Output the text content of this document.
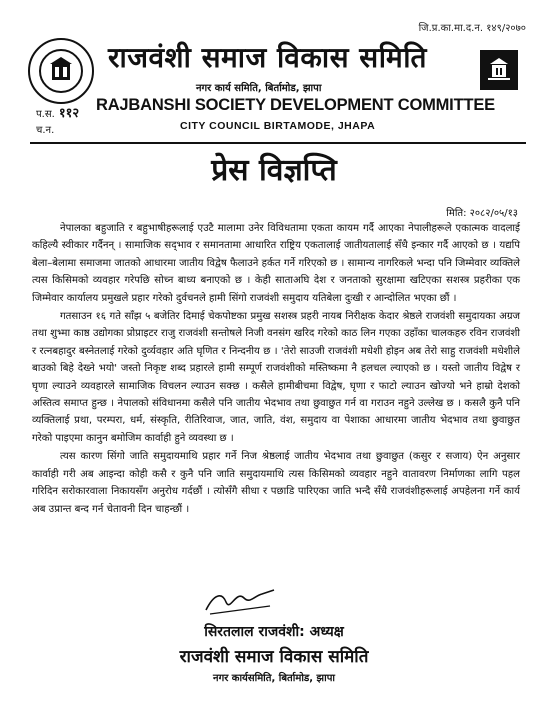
जि.प्र.का.मा.द.न. १४९/२०७०
राजवंशी समाज विकास समिति
नगर कार्य समिति, बिर्तामोड, झापा
RAJBANSHI SOCIETY DEVELOPMENT COMMITTEE
CITY COUNCIL BIRTAMODE, JHAPA
प.स. ११२
च.न.
प्रेस विज्ञप्ति
मिति: २०८२/०५/१३

नेपालका बहुजाति र बहुभाषीहरूलाई एउटै मालामा उनेर विविधतामा एकता कायम गर्दै आएका नेपालीहरूले एकात्मक वादलाई कहिल्यै स्वीकार गर्दैनन् । सामाजिक सद्‍भाव र समानतामा आधारित राष्ट्रिय एकतालाई जातीयतालाई सँधै इन्कार गर्दै आएको छ । यद्यपि बेला–बेलामा समाजमा जातको आधारमा जातीय विद्वेष फैलाउने हर्कत गर्ने गरिएको छ । सामान्य नागरिकले भन्दा पनि जिम्मेवार व्यक्तिले त्यस किसिमको व्यवहार गरेपछि सोच्न बाध्य बनाएको छ । केही साताअघि देश र जनताको सुरक्षामा खटिएका सशस्त्र प्रहरीका एक जिम्मेवार कार्यालय प्रमुखले प्रहार गरेको दुर्वचनले हामी सिंगो राजवंशी समुदाय यतिबेला दुःखी र आन्दोलित भएका छौं ।

गतसाउन १६ गते साँझ ५ बजेतिर दिमाई चेकपोष्टका प्रमुख सशस्त्र प्रहरी नायब निरीक्षक केदार श्रेष्ठले राजवंशी समुदायका अग्रज तथा शुभ्मा काष्ठ उद्योगका प्रोप्राइटर राजु राजवंशी सन्तोषले निजी वनसंग खरिद गरेको काठ लिन गएका उहाँका चालकहरु रविन राजवंशी र रत्नबहादुर बस्नेतलाई गरेको दुर्व्यवहार अति घृणित र निन्दनीय छ । 'तेरो साउजी राजवंशी मधेशी होइन अब तेरो साहु राजवंशी मधेशीले बाउको बिहे देख्ने भयो' जस्तो निकृष्ट शब्द प्रहारले हामी सम्पूर्ण राजवंशीको मस्तिष्कमा नै हलचल ल्याएको छ । यस्तो जातीय विद्वेष र घृणा ल्याउने व्यवहारले सामाजिक विचलन ल्याउन सक्छ । कसैले हामीबीचमा विद्वेष, घृणा र फाटो ल्याउन खोज्यो भने हाम्रो देशको अस्तित्व समाप्त हुन्छ । नेपालको संविधानमा कसैले पनि जातीय भेदभाव तथा छुवाछुत गर्न वा गराउन नहुने उल्लेख छ । कसलै कुनै पनि व्यक्तिलाई प्रथा, परम्परा, धर्म, संस्कृति, रीतिरिवाज, जात, जाति, वंश, समुदाय वा पेशाका आधारमा जातीय भेदभाव तथा छुवाछुत गरेको पाइएमा कानुन बमोजिम कार्वाही हुने व्यवस्था छ ।

त्यस कारण सिंगो जाति समुदायमाथि प्रहार गर्ने निज श्रेष्ठलाई जातीय भेदभाव तथा छुवाछुत (कसुर र सजाय) ऐन अनुसार कार्वाही गरी अब आइन्दा कोही कसै र कुनै पनि जाति समुदायमाथि त्यस किसिमको व्यवहार नहुने वातावरण निर्माणका लागि पहल गरिदिन सरोकारवाला निकायसँग अनुरोध गर्दछौं । त्योसँगै सीधा र पछाडि पारिएका जाति भन्दै सँधै राजवंशीहरूलाई अपहेलना गर्ने कार्य अब उप्रान्त बन्द गर्न चेतावनी दिन चाहन्छौं ।

सिरतलाल राजवंशी: अध्यक्ष
राजवंशी समाज विकास समिति
नगर कार्यसमिति, बिर्तामोड, झापा
